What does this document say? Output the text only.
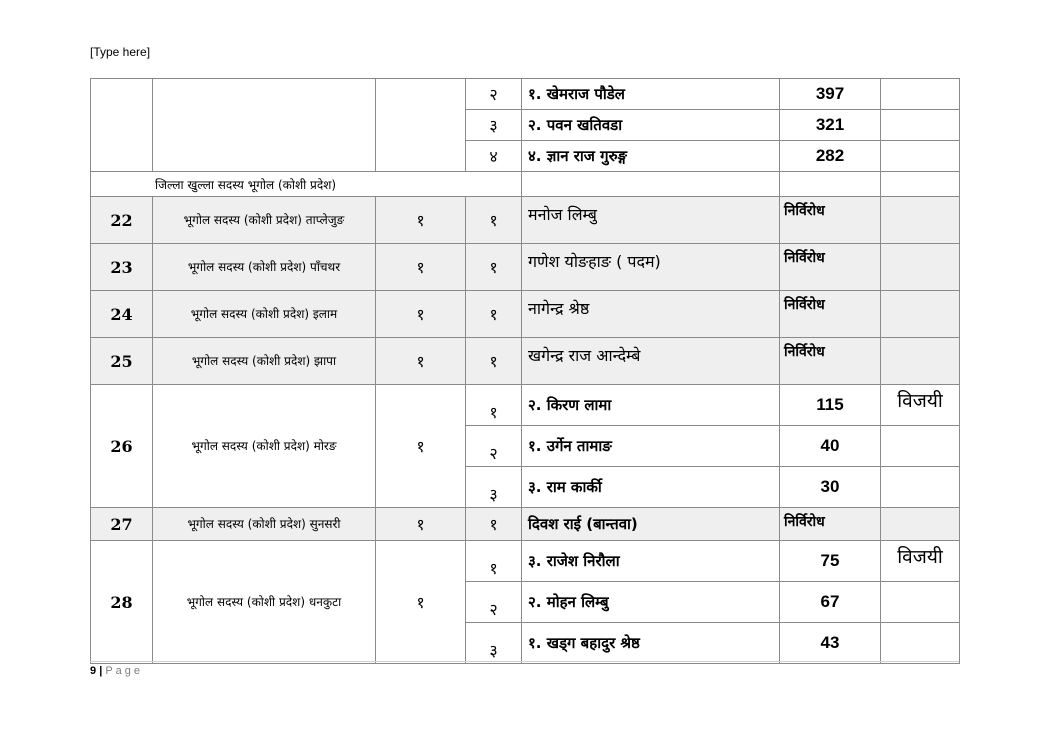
[Type here]
			२	१. खेमराज पौडेल	397	
			३	२. पवन खतिवडा	321	
			४	४. ज्ञान राज गुरुङ्ग	282	
जिल्ला खुल्ला सदस्य भूगोल (कोशी प्रदेश)						
22	भूगोल सदस्य (कोशी प्रदेश) ताप्लेजुङ	१	१	मनोज लिम्बु	निर्विरोध	
23	भूगोल सदस्य (कोशी प्रदेश) पाँचथर	१	१	गणेश योङहाङ ( पदम)	निर्विरोध	
24	भूगोल सदस्य (कोशी प्रदेश) इलाम	१	१	नागेन्द्र श्रेष्ठ	निर्विरोध	
25	भूगोल सदस्य (कोशी प्रदेश) झापा	१	१	खगेन्द्र राज आन्देम्बे	निर्विरोध	
26	भूगोल सदस्य (कोशी प्रदेश) मोरङ	१	१	२. किरण लामा	115	विजयी
			२	१. उर्गेन तामाङ	40	
			३	३. राम कार्की	30	
27	भूगोल सदस्य (कोशी प्रदेश) सुनसरी	१	१	दिवश राई (बान्तवा)	निर्विरोध	
28	भूगोल सदस्य (कोशी प्रदेश) धनकुटा	१	१	३. राजेश निरौला	75	विजयी
			२	२. मोहन लिम्बु	67	
			३	१. खड्ग बहादुर श्रेष्ठ	43	
9 | Page
